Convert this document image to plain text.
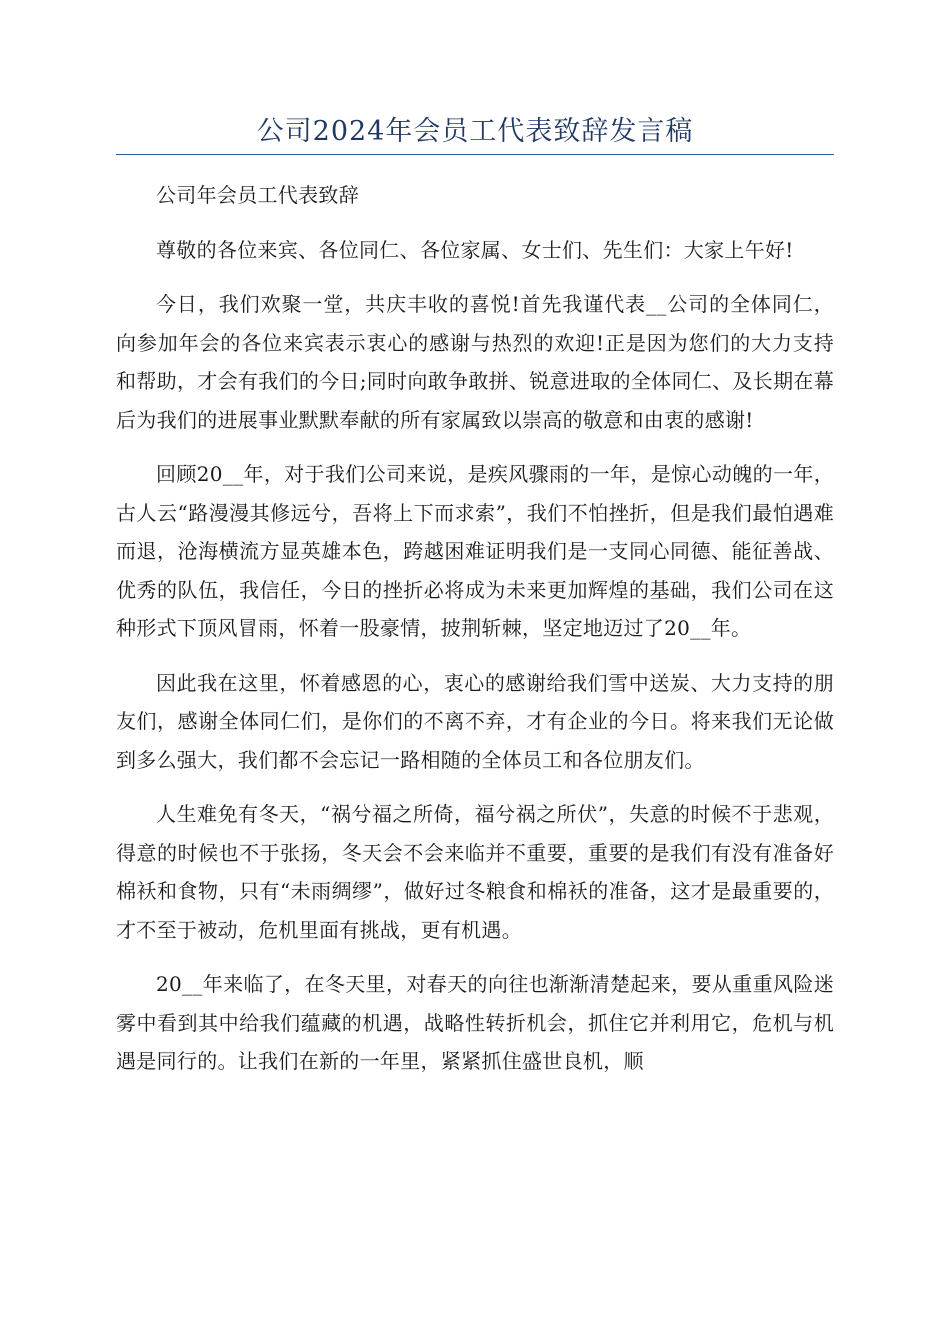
公司2024年会员工代表致辞发言稿

公司年会员工代表致辞

尊敬的各位来宾、各位同仁、各位家属、女士们、先生们：大家上午好!

今日，我们欢聚一堂，共庆丰收的喜悦!首先我谨代表__公司的全体同仁，向参加年会的各位来宾表示衷心的感谢与热烈的欢迎!正是因为您们的大力支持和帮助，才会有我们的今日;同时向敢争敢拼、锐意进取的全体同仁、及长期在幕后为我们的进展事业默默奉献的所有家属致以崇高的敬意和由衷的感谢!

回顾20__年，对于我们公司来说，是疾风骤雨的一年，是惊心动魄的一年，古人云“路漫漫其修远兮，吾将上下而求索”，我们不怕挫折，但是我们最怕遇难而退，沧海横流方显英雄本色，跨越困难证明我们是一支同心同德、能征善战、优秀的队伍，我信任，今日的挫折必将成为未来更加辉煌的基础，我们公司在这种形式下顶风冒雨，怀着一股豪情，披荆斩棘，坚定地迈过了20__年。

因此我在这里，怀着感恩的心，衷心的感谢给我们雪中送炭、大力支持的朋友们，感谢全体同仁们，是你们的不离不弃，才有企业的今日。将来我们无论做到多么强大，我们都不会忘记一路相随的全体员工和各位朋友们。

人生难免有冬天，“祸兮福之所倚，福兮祸之所伏”，失意的时候不于悲观，得意的时候也不于张扬，冬天会不会来临并不重要，重要的是我们有没有准备好棉袄和食物，只有“未雨绸缪”，做好过冬粮食和棉袄的准备，这才是最重要的，才不至于被动，危机里面有挑战，更有机遇。

20__年来临了，在冬天里，对春天的向往也渐渐清楚起来，要从重重风险迷雾中看到其中给我们蕴藏的机遇，战略性转折机会，抓住它并利用它，危机与机遇是同行的。让我们在新的一年里，紧紧抓住盛世良机，顺
